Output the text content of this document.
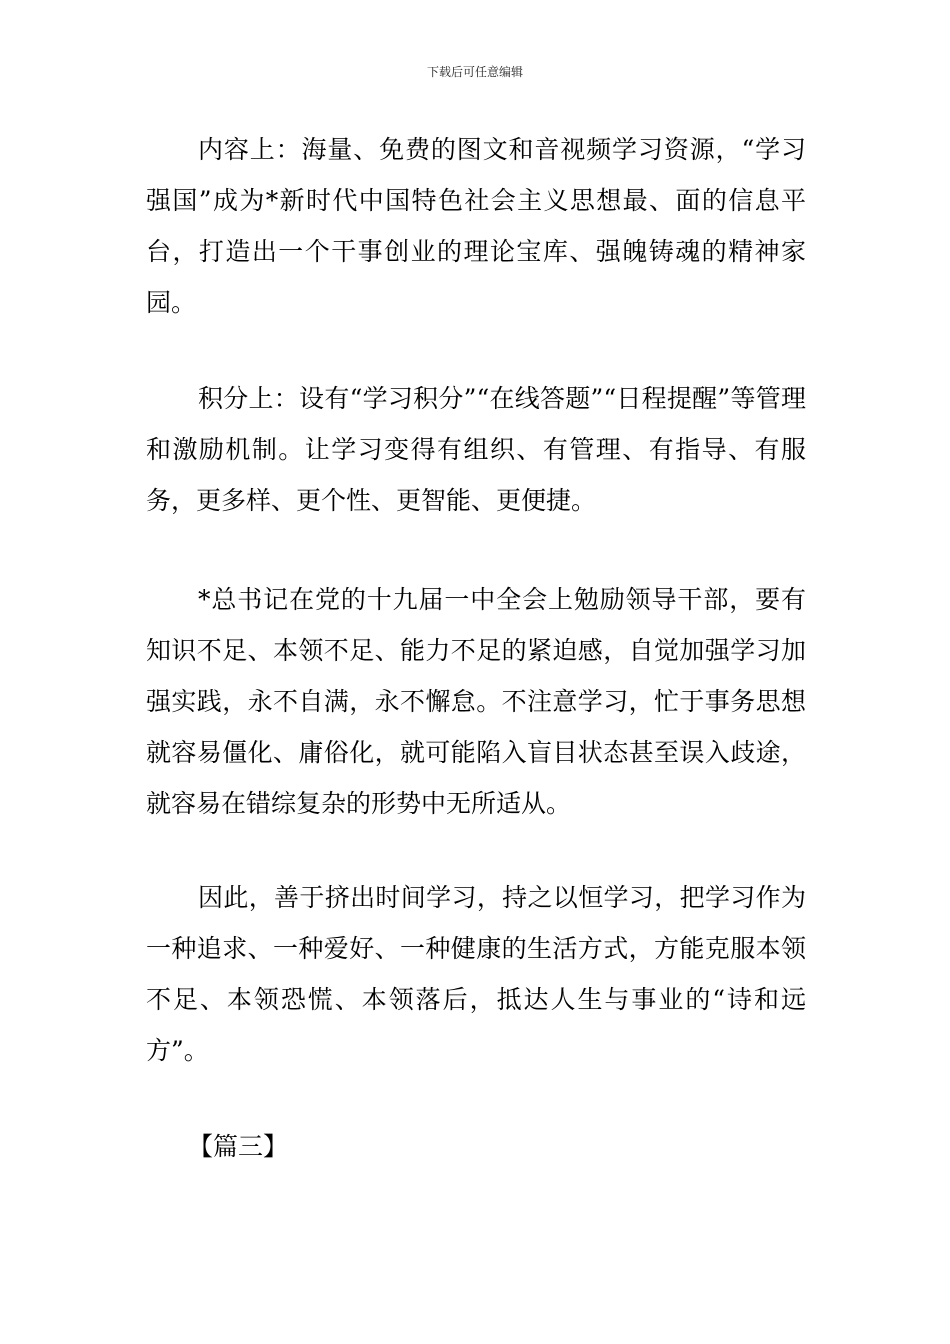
下载后可任意编辑

内容上：海量、免费的图文和音视频学习资源，“学习强国”成为*新时代中国特色社会主义思想最、面的信息平台，打造出一个干事创业的理论宝库、强魄铸魂的精神家园。

积分上：设有“学习积分”“在线答题”“日程提醒”等管理和激励机制。让学习变得有组织、有管理、有指导、有服务，更多样、更个性、更智能、更便捷。

*总书记在党的十九届一中全会上勉励领导干部，要有知识不足、本领不足、能力不足的紧迫感，自觉加强学习加强实践，永不自满，永不懈怠。不注意学习，忙于事务思想就容易僵化、庸俗化，就可能陷入盲目状态甚至误入歧途，就容易在错综复杂的形势中无所适从。

因此，善于挤出时间学习，持之以恒学习，把学习作为一种追求、一种爱好、一种健康的生活方式，方能克服本领不足、本领恐慌、本领落后，抵达人生与事业的“诗和远方”。

【篇三】
